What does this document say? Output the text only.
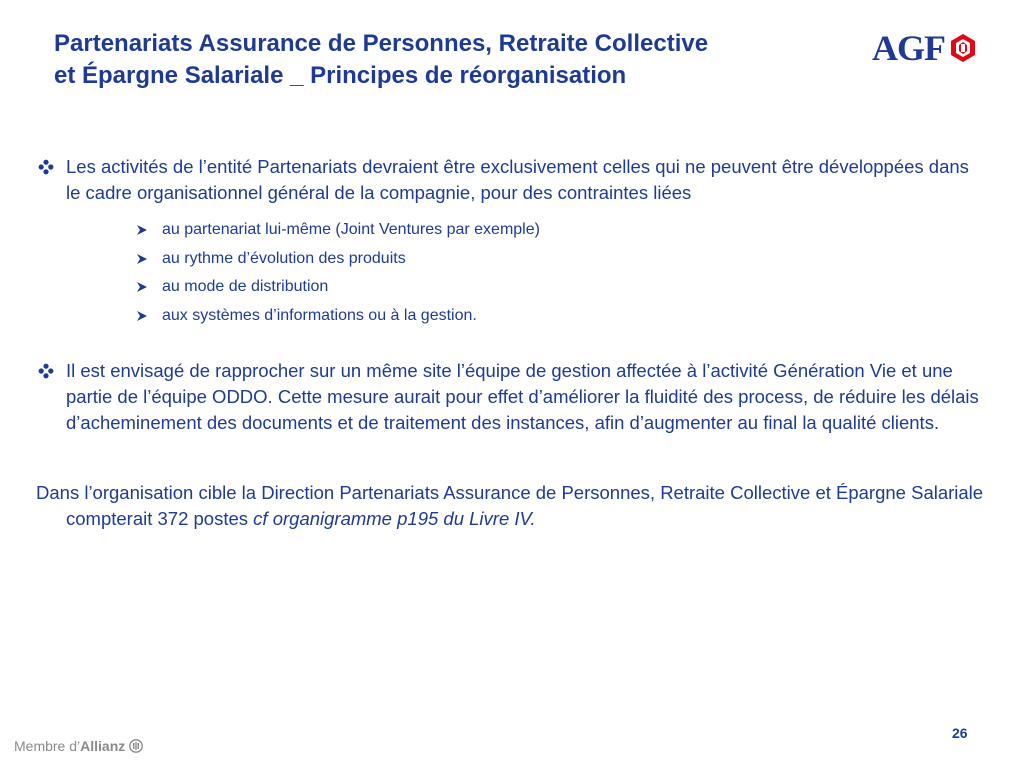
Partenariats Assurance de Personnes, Retraite Collective
et Épargne Salariale _ Principes de réorganisation
AGF
Les activités de l’entité Partenariats devraient être exclusivement celles qui ne peuvent être développées dans le cadre organisationnel général de la compagnie, pour des contraintes liées
au partenariat lui-même (Joint Ventures par exemple)
au rythme d’évolution des produits
au mode de distribution
aux systèmes d’informations ou à la gestion.
Il est envisagé de rapprocher sur un même site l’équipe de gestion affectée à l’activité Génération Vie et une partie de l’équipe ODDO. Cette mesure aurait pour effet d’améliorer la fluidité des process, de réduire les délais d’acheminement des documents et de traitement des instances, afin d’augmenter au final la qualité clients.
Dans l’organisation cible la Direction Partenariats Assurance de Personnes, Retraite Collective et Épargne Salariale compterait 372 postes cf organigramme p195 du Livre IV.
Membre d’ Allianz
26
